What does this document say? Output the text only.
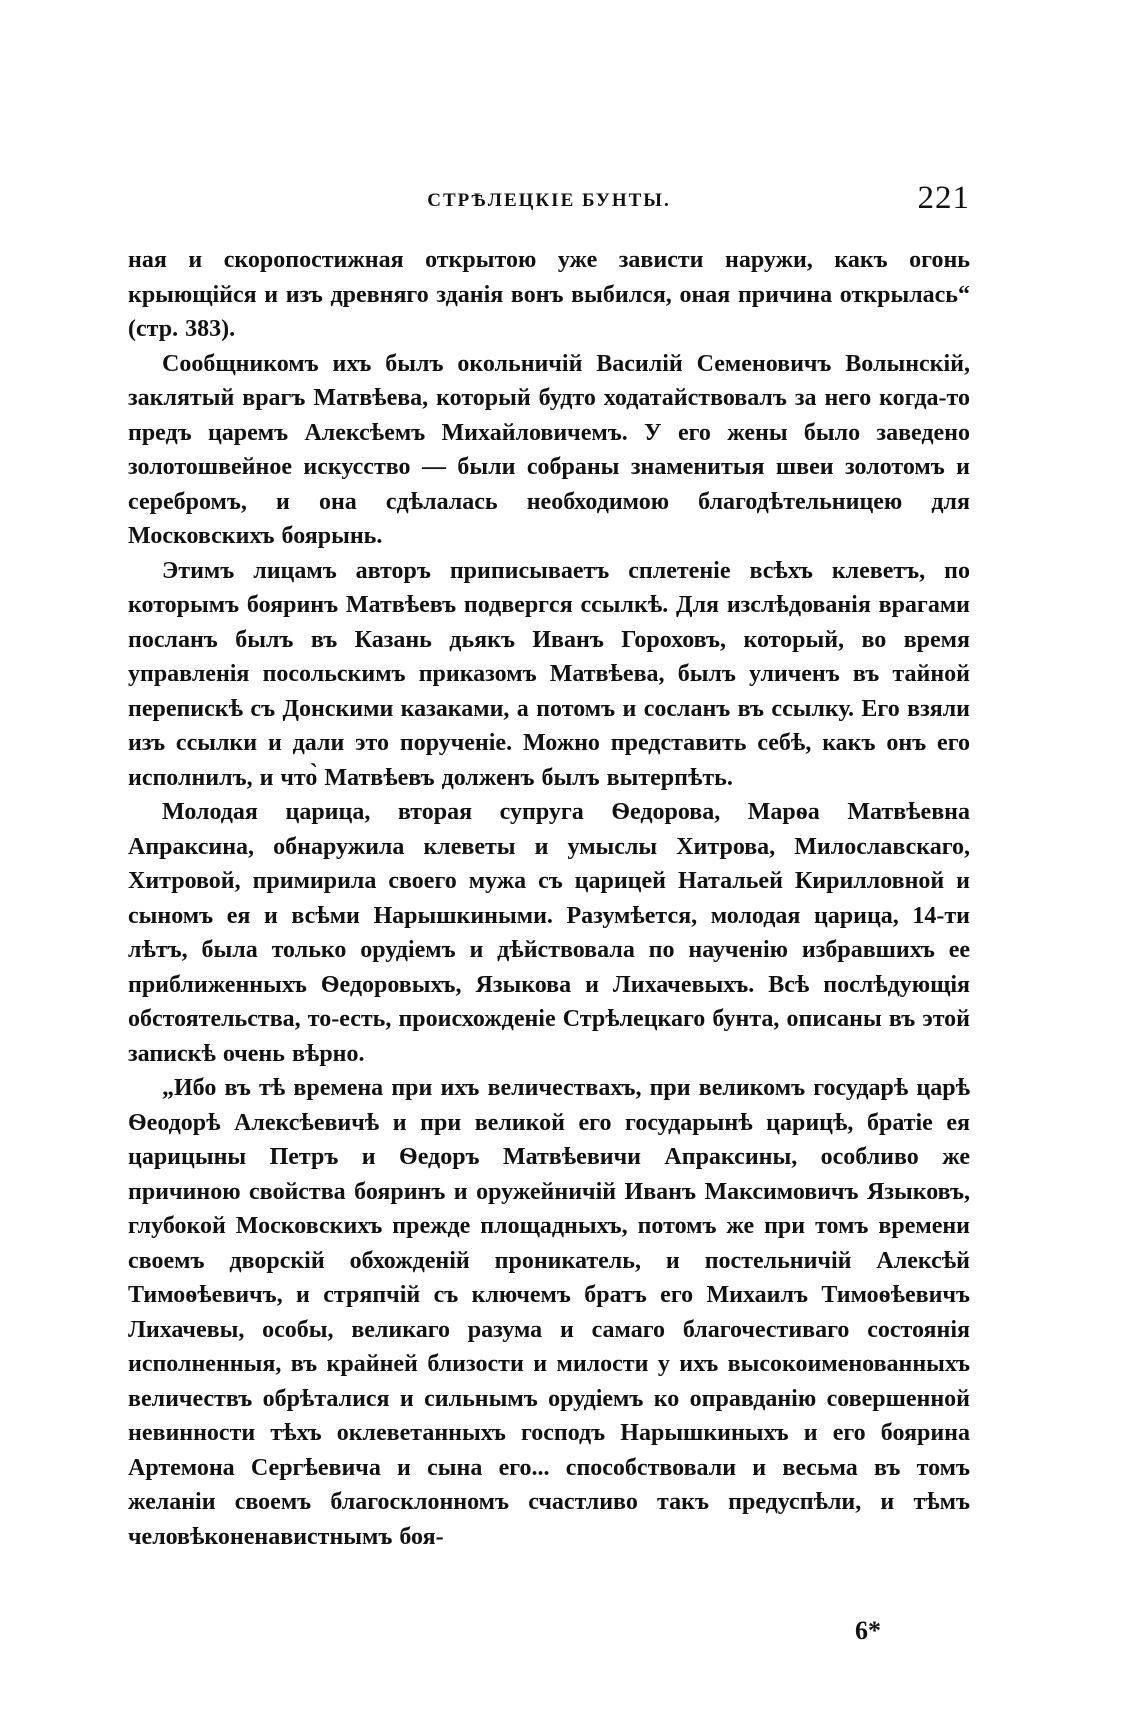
СТРѢЛЕЦКІЕ БУНТЫ.	221

ная и скоропостижная открытою уже зависти наружи, какъ огонь крыющійся и изъ древняго зданія вонъ выбился, оная причина открылась“ (стр. 383).

Сообщникомъ ихъ былъ окольничій Василій Семеновичъ Волынскій, заклятый врагъ Матвѣева, который будто ходатайствовалъ за него когда-то предъ царемъ Алексѣемъ Михайловичемъ. У его жены было заведено золотошвейное искусство — были собраны знаменитыя швеи золотомъ и серебромъ, и она сдѣлалась необходимою благодѣтельницею для Московскихъ боярынь.

Этимъ лицамъ авторъ приписываетъ сплетеніе всѣхъ клеветъ, по которымъ бояринъ Матвѣевъ подвергся ссылкѣ. Для изслѣдованія врагами посланъ былъ въ Казань дьякъ Иванъ Гороховъ, который, во время управленія посольскимъ приказомъ Матвѣева, былъ уличенъ въ тайной перепискѣ съ Донскими казаками, а потомъ и сосланъ въ ссылку. Его взяли изъ ссылки и дали это порученіе. Можно представить себѣ, какъ онъ его исполнилъ, и что̀ Матвѣевъ долженъ былъ вытерпѣть.

Молодая царица, вторая супруга Ѳедорова, Марѳа Матвѣевна Апраксина, обнаружила клеветы и умыслы Хитрова, Милославскаго, Хитровой, примирила своего мужа съ царицей Натальей Кирилловной и сыномъ ея и всѣми Нарышкиными. Разумѣется, молодая царица, 14-ти лѣтъ, была только орудіемъ и дѣйствовала по наученію избравшихъ ее приближенныхъ Ѳедоровыхъ, Языкова и Лихачевыхъ. Всѣ послѣдующія обстоятельства, то-есть, происхожденіе Стрѣлецкаго бунта, описаны въ этой запискѣ очень вѣрно.

„Ибо въ тѣ времена при ихъ величествахъ, при великомъ государѣ царѣ Ѳеодорѣ Алексѣевичѣ и при великой его государынѣ царицѣ, братіе ея царицыны Петръ и Ѳедоръ Матвѣевичи Апраксины, особливо же причиною свойства бояринъ и оружейничій Иванъ Максимовичъ Языковъ, глубокой Московскихъ прежде площадныхъ, потомъ же при томъ времени своемъ дворскій обхожденій проникатель, и постельничій Алексѣй Тимоѳѣевичъ, и стряпчій съ ключемъ братъ его Михаилъ Тимоѳѣевичъ Лихачевы, особы, великаго разума и самаго благочестиваго состоянія исполненныя, въ крайней близости и милости у ихъ высокоименованныхъ величествъ обрѣталися и сильнымъ орудіемъ ко оправданію совершенной невинности тѣхъ оклеветанныхъ господъ Нарышкиныхъ и его боярина Артемона Сергѣевича и сына его... способствовали и весьма въ томъ желаніи своемъ благосклонномъ счастливо такъ предуспѣли, и тѣмъ человѣконенавистнымъ боя-

6*
